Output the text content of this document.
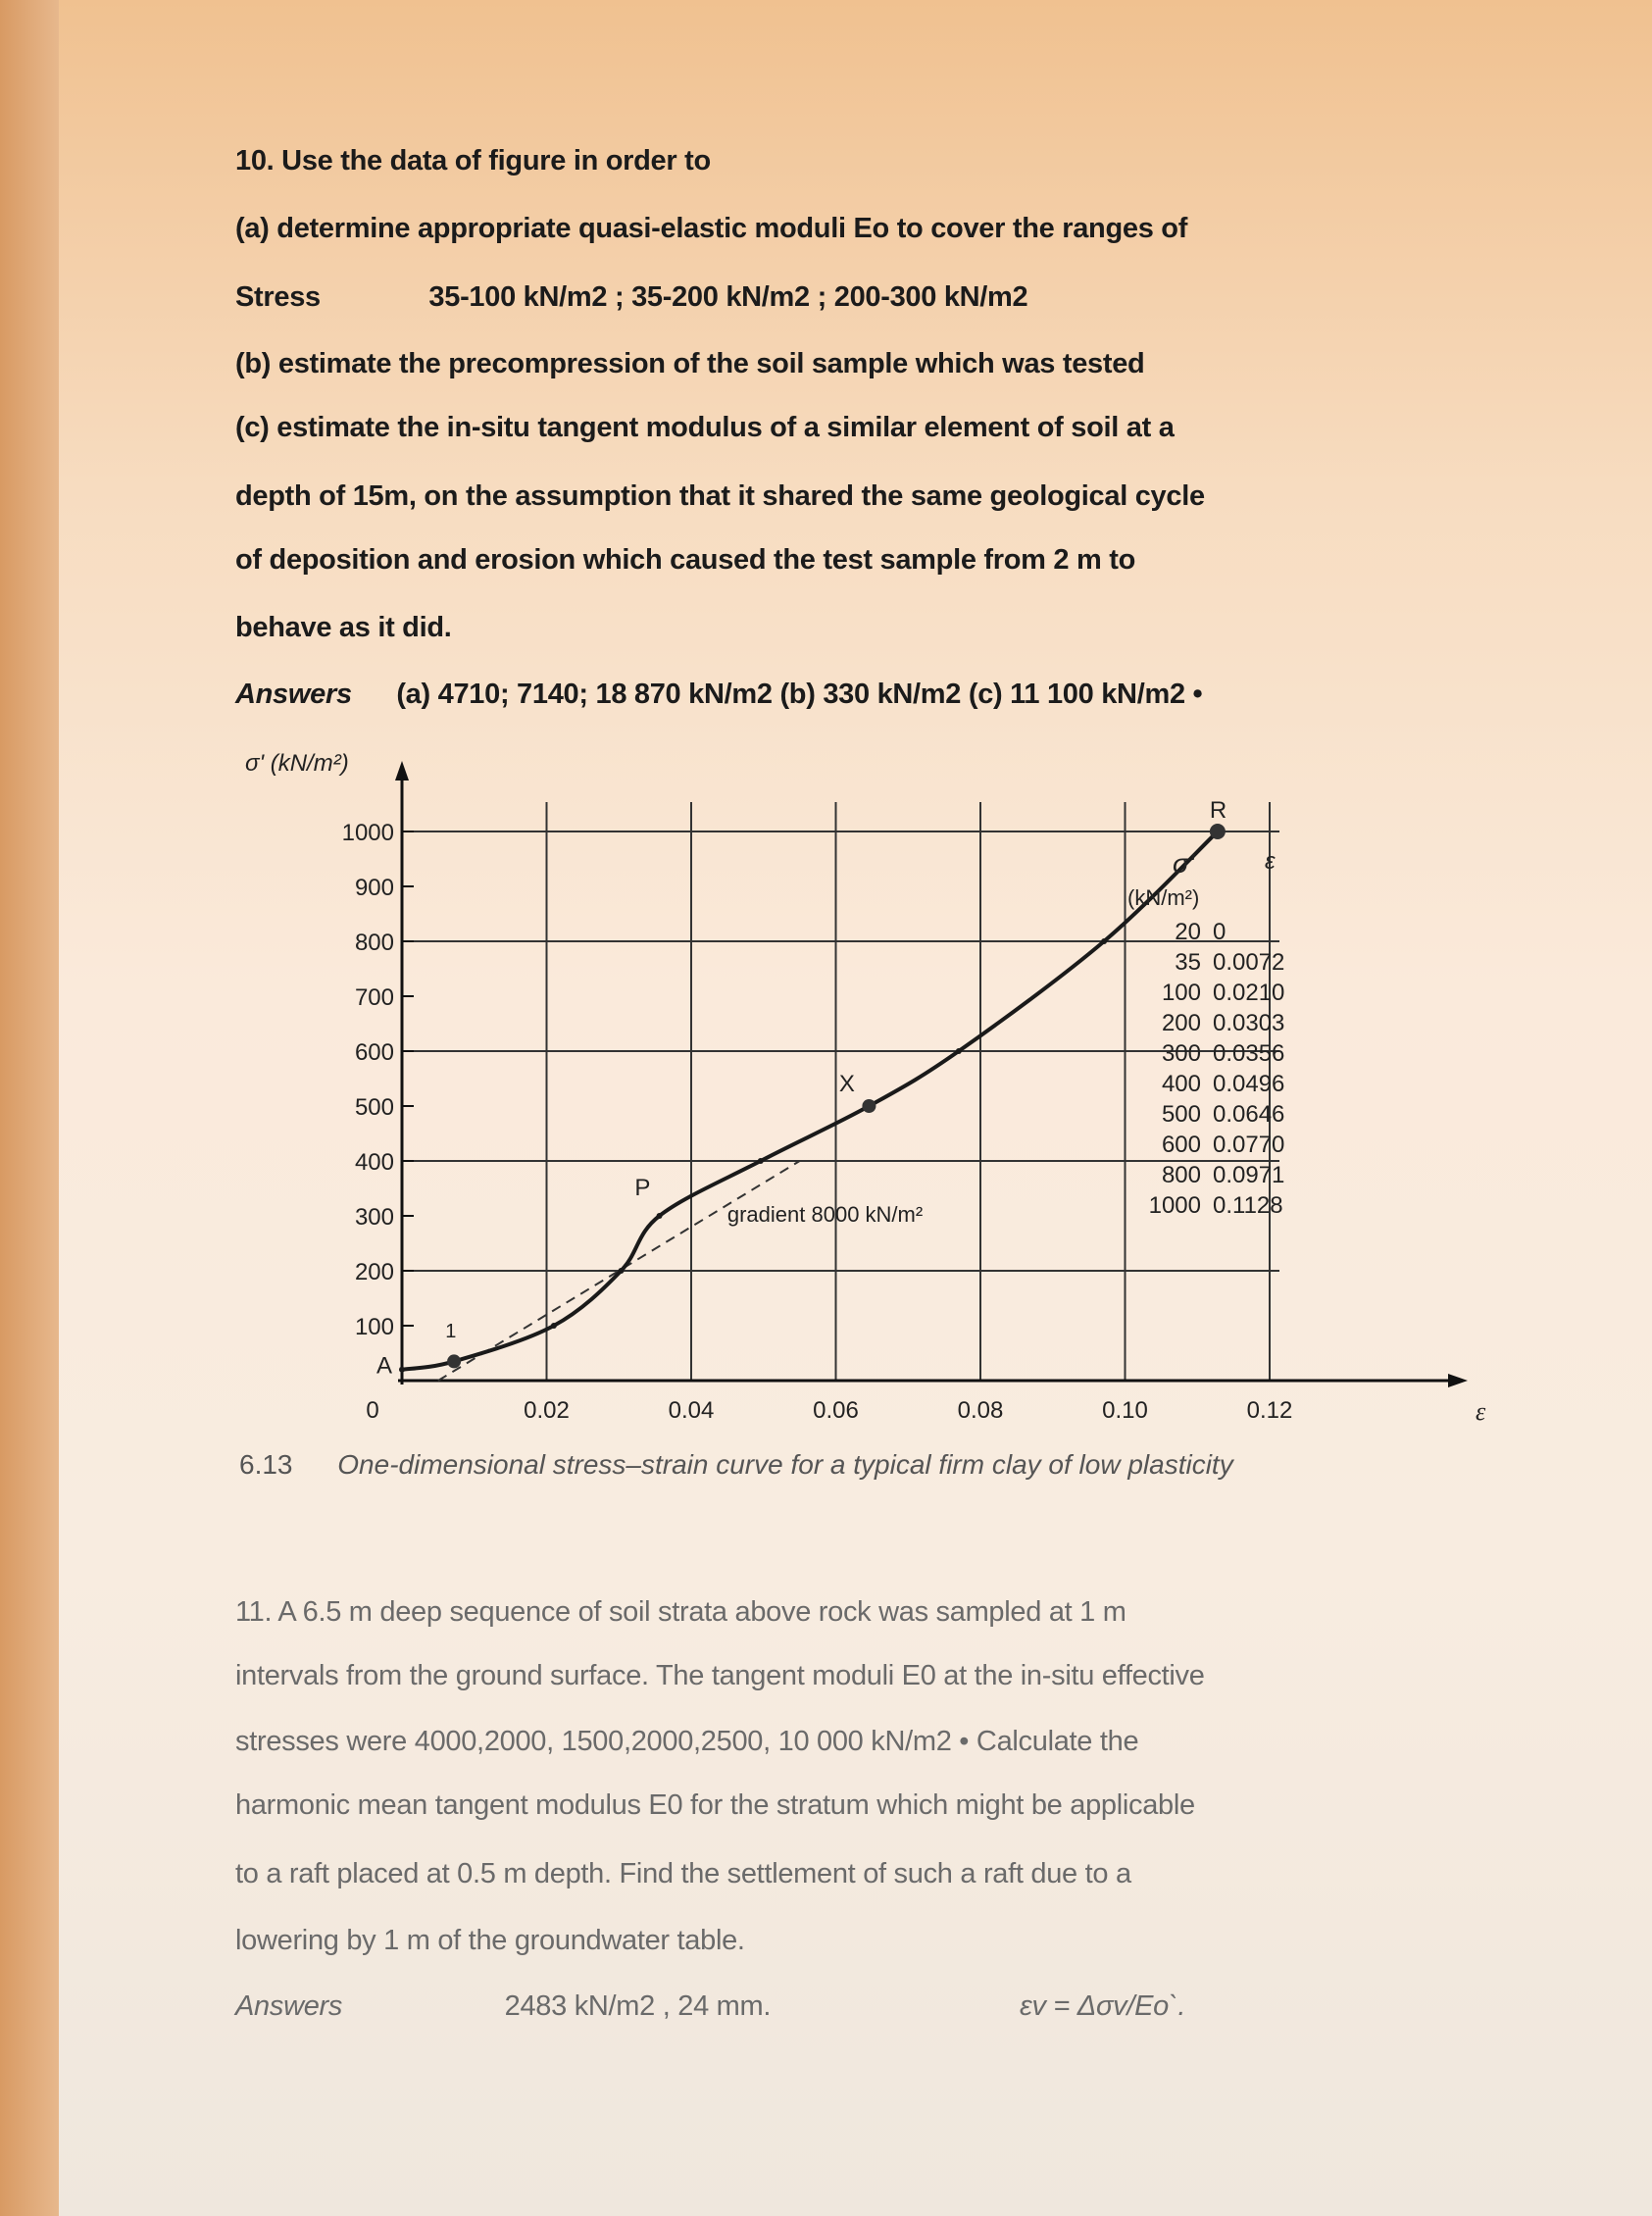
10. Use the data of figure in order to
(a) determine appropriate quasi-elastic moduli Eo to cover the ranges of
Stress	35-100 kN/m2 ; 35-200 kN/m2 ; 200-300 kN/m2
(b) estimate the precompression of the soil sample which was tested
(c) estimate the in-situ tangent modulus of a similar element of soil at a
depth of 15m, on the assumption that it shared the same geological cycle
of deposition and erosion which caused the test sample from 2 m to
behave as it did.
Answers (a) 4710; 7140; 18 870 kN/m2 (b) 330 kN/m2 (c) 11 100 kN/m2 •
100
200
300
400
500
600
700
800
900
1000
0	0.02	0.04	0.06	0.08	0.10	0.12
σ' (kN/m²)
ε
A
P
X
R
gradient 8000 kN/m²
1
σ'	ε
(kN/m²)
20 0
35 0.0072
100 0.0210
200 0.0303
300 0.0356
400 0.0496
500 0.0646
600 0.0770
800 0.0971
1000 0.1128
6.13 One-dimensional stress–strain curve for a typical firm clay of low plasticity
11. A 6.5 m deep sequence of soil strata above rock was sampled at 1 m
intervals from the ground surface. The tangent moduli E0 at the in-situ effective
stresses were 4000,2000, 1500,2000,2500, 10 000 kN/m2 • Calculate the
harmonic mean tangent modulus E0 for the stratum which might be applicable
to a raft placed at 0.5 m depth. Find the settlement of such a raft due to a
lowering by 1 m of the groundwater table.
Answers	2483 kN/m2 , 24 mm.	εv = Δσv/Eo`.
